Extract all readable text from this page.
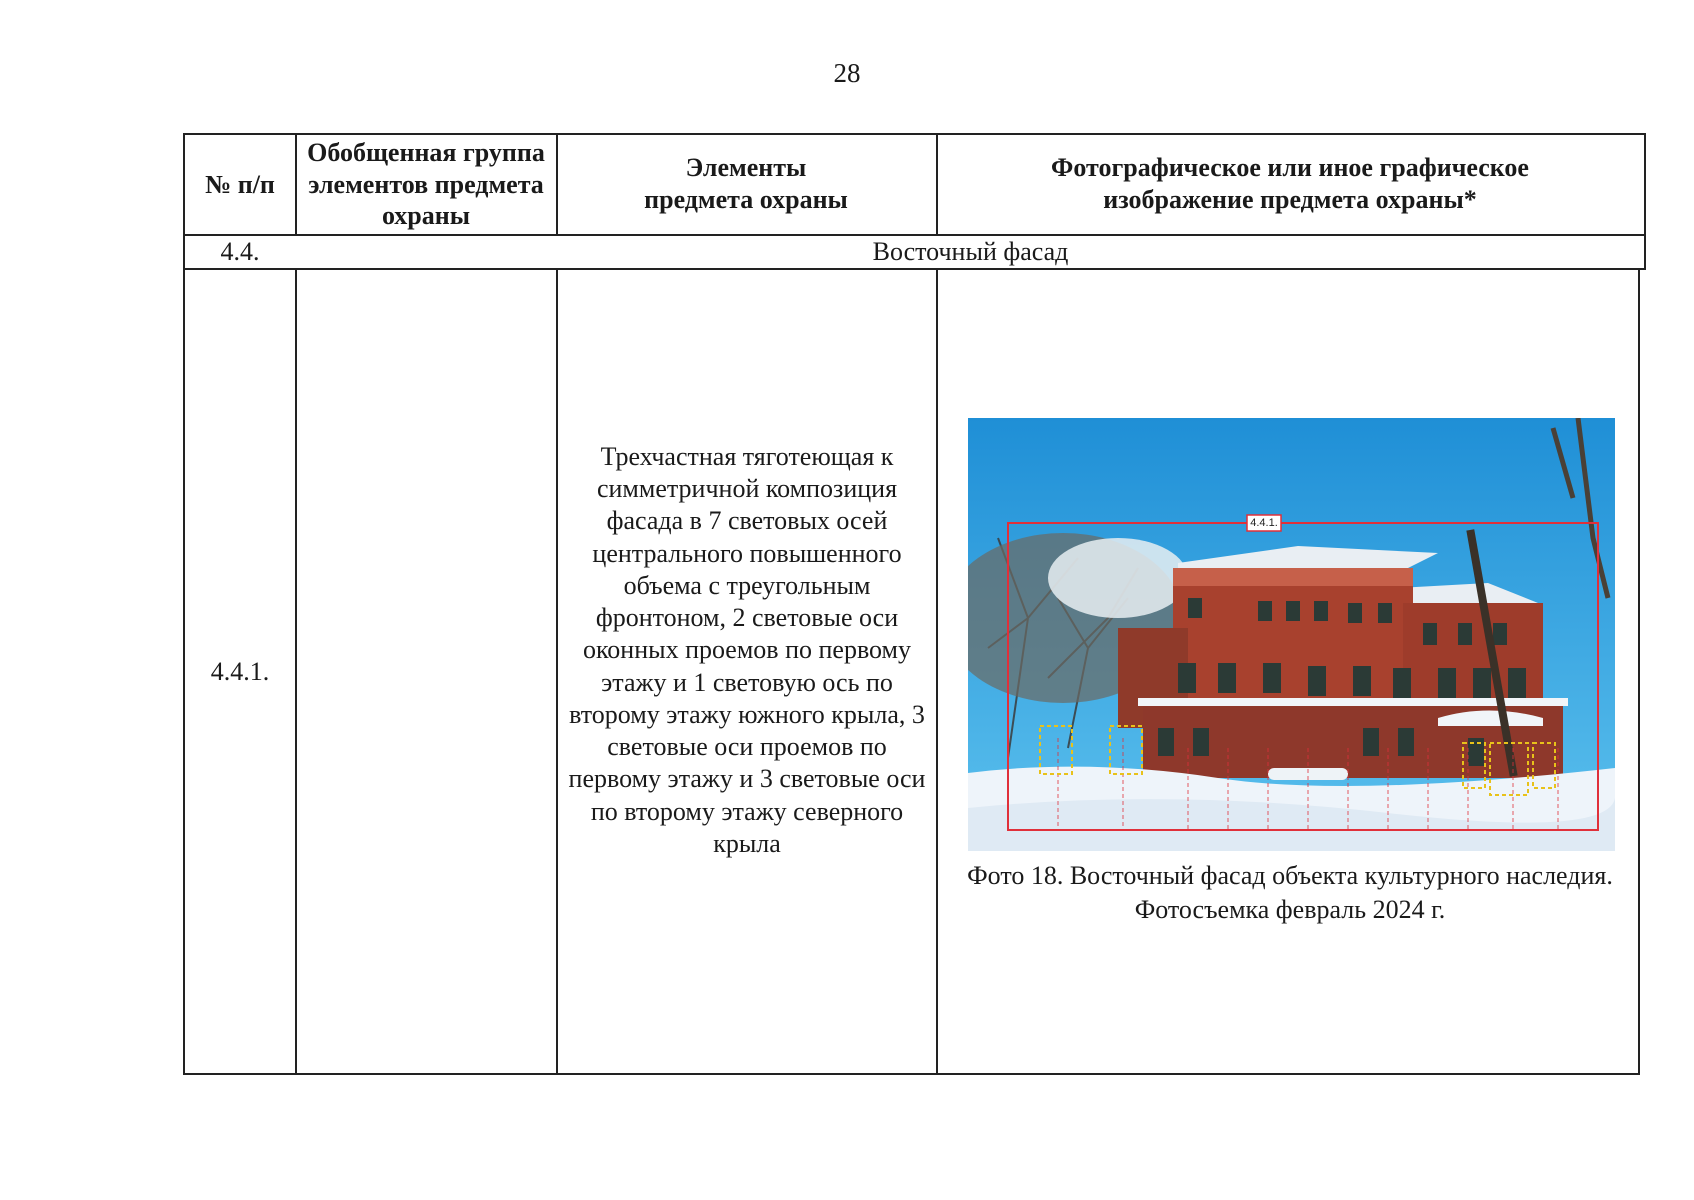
28
№ п/п
Обобщенная группа элементов предмета охраны
Элементы предмета охраны
Фотографическое или иное графическое изображение предмета охраны*
4.4.	Восточный фасад
4.4.1.
Трехчастная тяготеющая к симметричной композиция фасада в 7 световых осей центрального повышенного объема с треугольным фронтоном, 2 световые оси оконных проемов по первому этажу и 1 световую ось по второму этажу южного крыла, 3 световые оси проемов по первому этажу и 3 световые оси по второму этажу северного крыла
4.4.1.
Фото 18. Восточный фасад объекта культурного наследия. Фотосъемка февраль 2024 г.
